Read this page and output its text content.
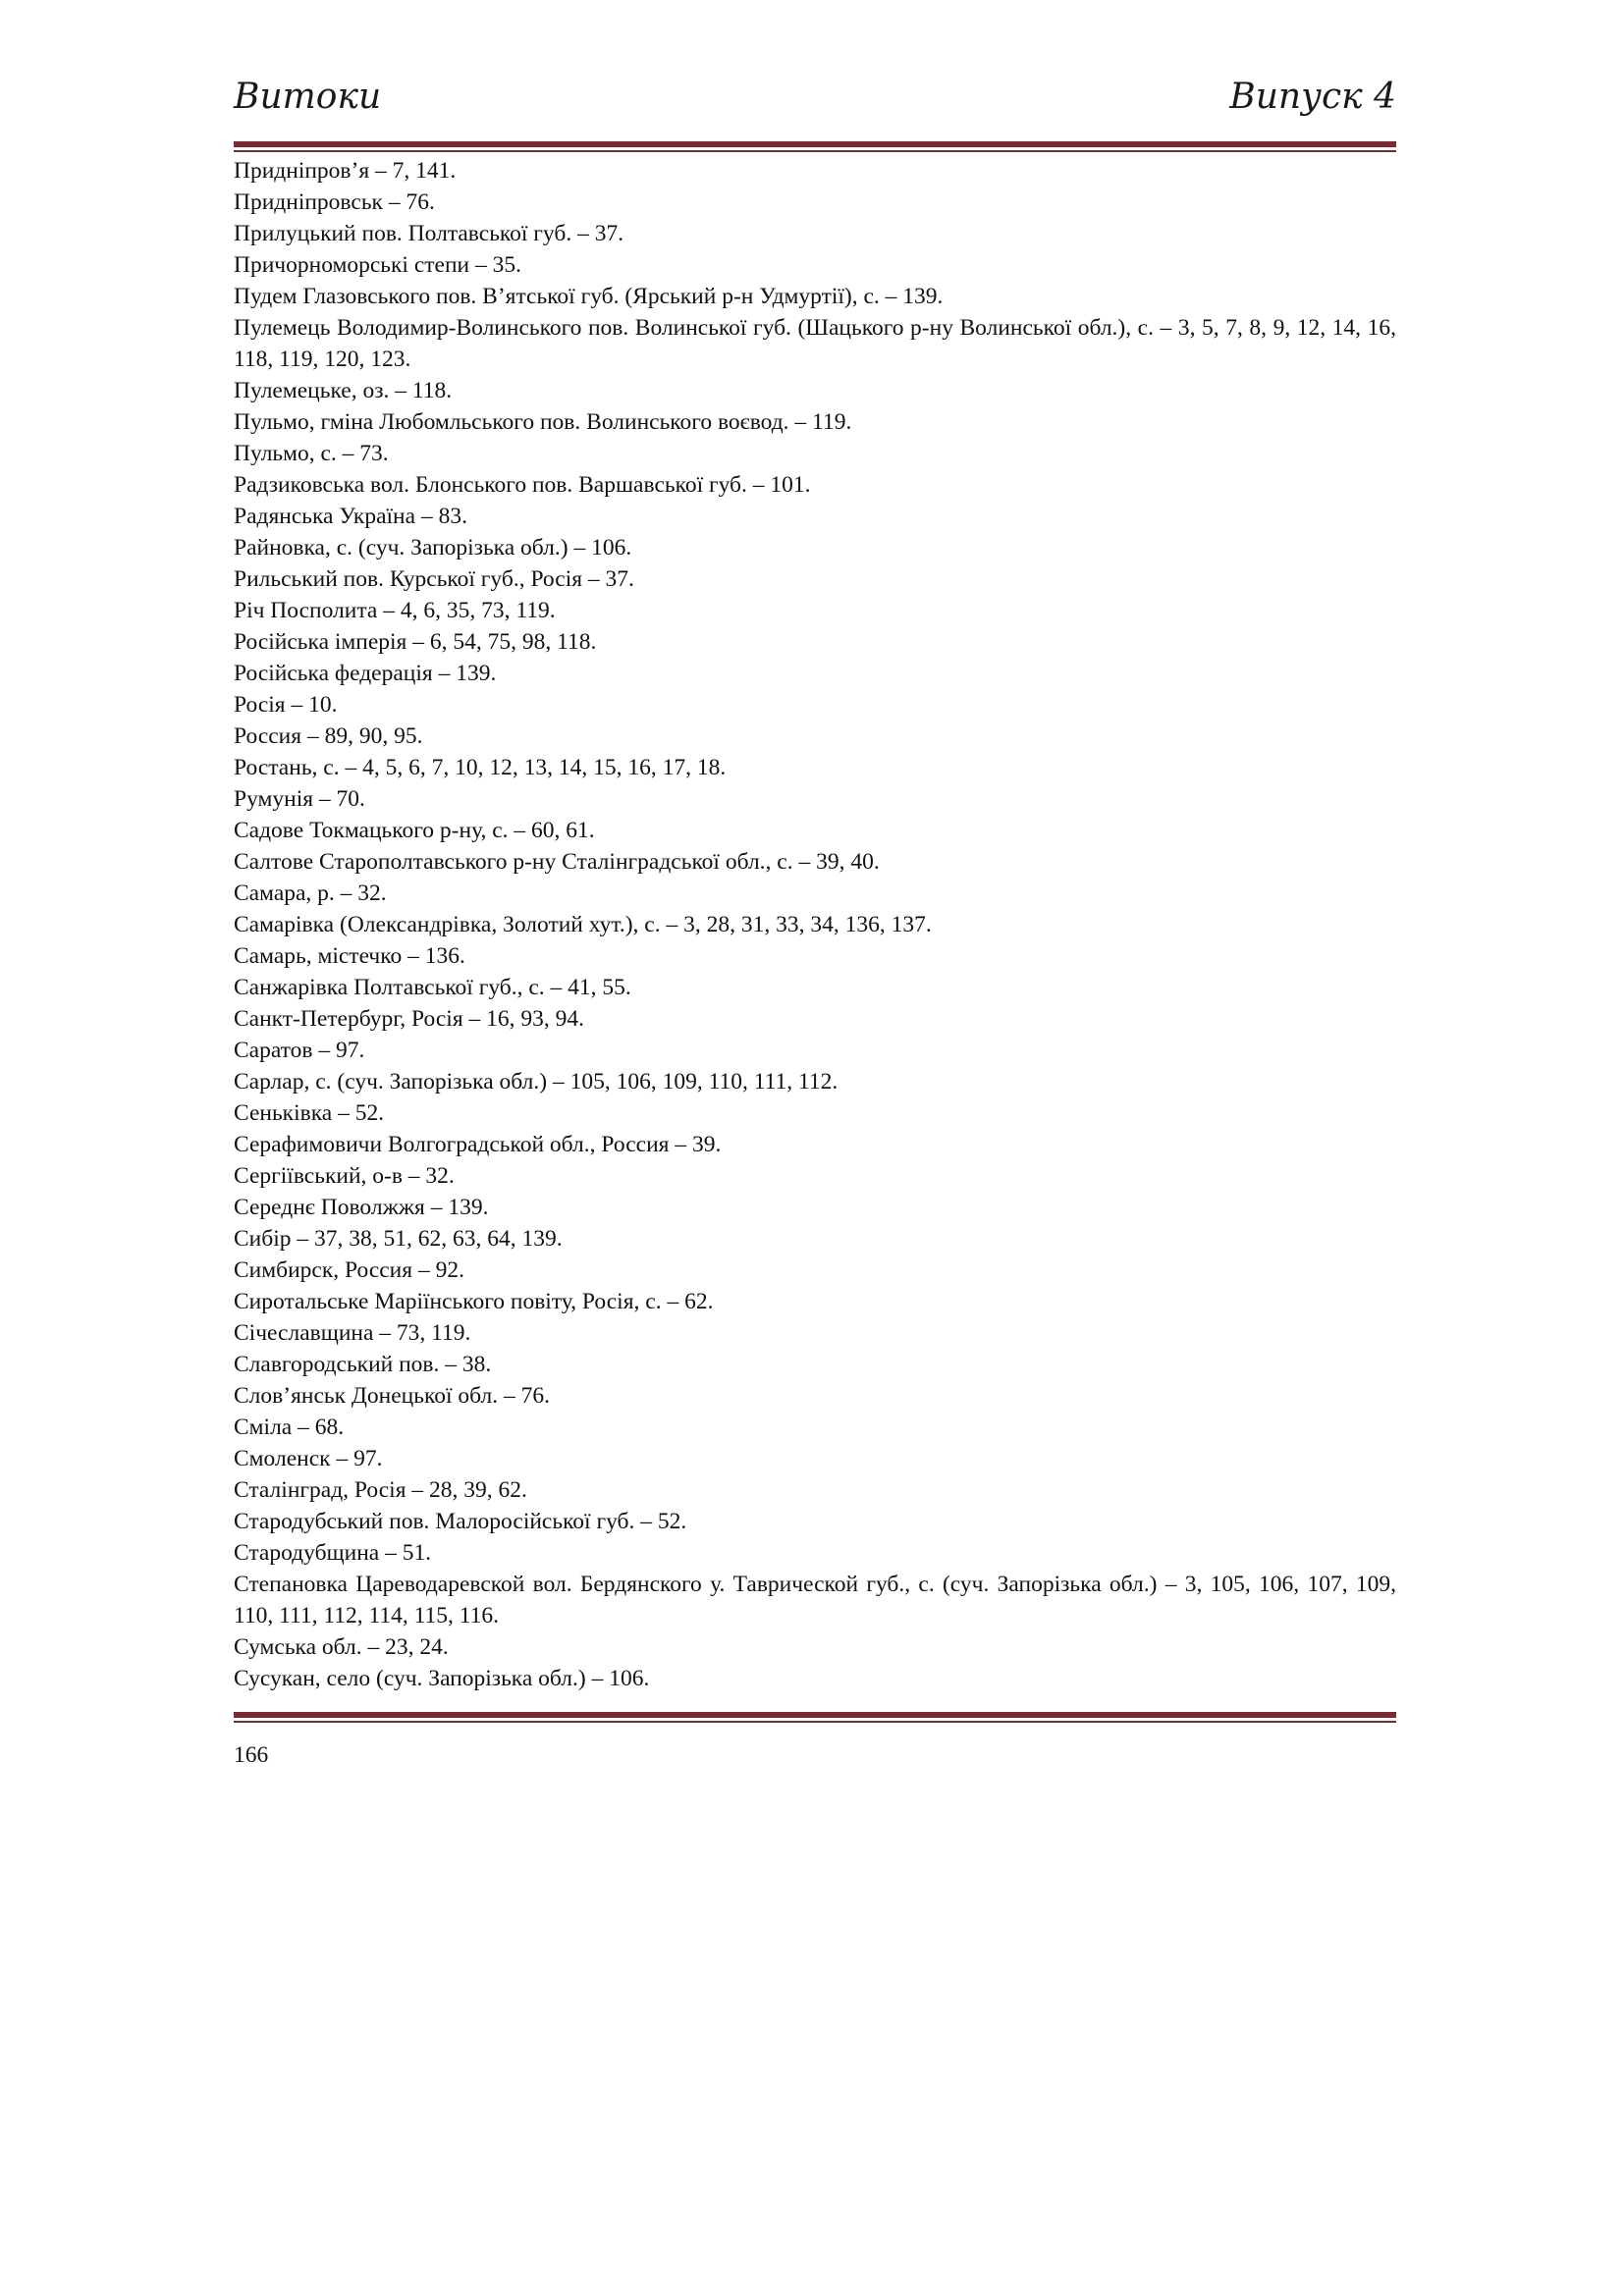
Витоки	Випуск 4
Придніпров’я – 7, 141.
Придніпровськ – 76.
Прилуцький пов. Полтавської губ. – 37.
Причорноморські степи – 35.
Пудем Глазовського пов. В’ятської губ. (Ярський р-н Удмуртії), с. – 139.
Пулемець Володимир-Волинського пов. Волинської губ. (Шацького р-ну Волинської обл.), с. – 3, 5, 7, 8, 9, 12, 14, 16, 118, 119, 120, 123.
Пулемецьке, оз. – 118.
Пульмо, гміна Любомльського пов. Волинського воєвод. – 119.
Пульмо, с. – 73.
Радзиковська вол. Блонського пов. Варшавської губ. – 101.
Радянська Україна – 83.
Райновка, с. (суч. Запорізька обл.) – 106.
Рильський пов. Курської губ., Росія – 37.
Річ Посполита – 4, 6, 35, 73, 119.
Російська імперія – 6, 54, 75, 98, 118.
Російська федерація – 139.
Росія – 10.
Россия – 89, 90, 95.
Ростань, с. – 4, 5, 6, 7, 10, 12, 13, 14, 15, 16, 17, 18.
Румунія – 70.
Садове Токмацького р-ну, с. – 60, 61.
Салтове Старополтавського р-ну Сталінградської обл., с. – 39, 40.
Самара, р. – 32.
Самарівка (Олександрівка, Золотий хут.), с. – 3, 28, 31, 33, 34, 136, 137.
Самарь, містечко – 136.
Санжарівка Полтавської губ., с. – 41, 55.
Санкт-Петербург, Росія – 16, 93, 94.
Саратов – 97.
Сарлар, с. (суч. Запорізька обл.) – 105, 106, 109, 110, 111, 112.
Сеньківка – 52.
Серафимовичи Волгоградськой обл., Россия – 39.
Сергіївський, о-в – 32.
Середнє Поволжжя – 139.
Сибір – 37, 38, 51, 62, 63, 64, 139.
Симбирск, Россия – 92.
Сиротальське Маріїнського повіту, Росія, с. – 62.
Січеславщина – 73, 119.
Славгородський пов. – 38.
Слов’янськ Донецької обл. – 76.
Сміла – 68.
Смоленск – 97.
Сталінград, Росія – 28, 39, 62.
Стародубський пов. Малоросійської губ. – 52.
Стародубщина – 51.
Степановка Цареводаревской вол. Бердянского у. Таврической губ., с. (суч. Запорізька обл.) – 3, 105, 106, 107, 109, 110, 111, 112, 114, 115, 116.
Сумська обл. – 23, 24.
Сусукан, село (суч. Запорізька обл.) – 106.
166
